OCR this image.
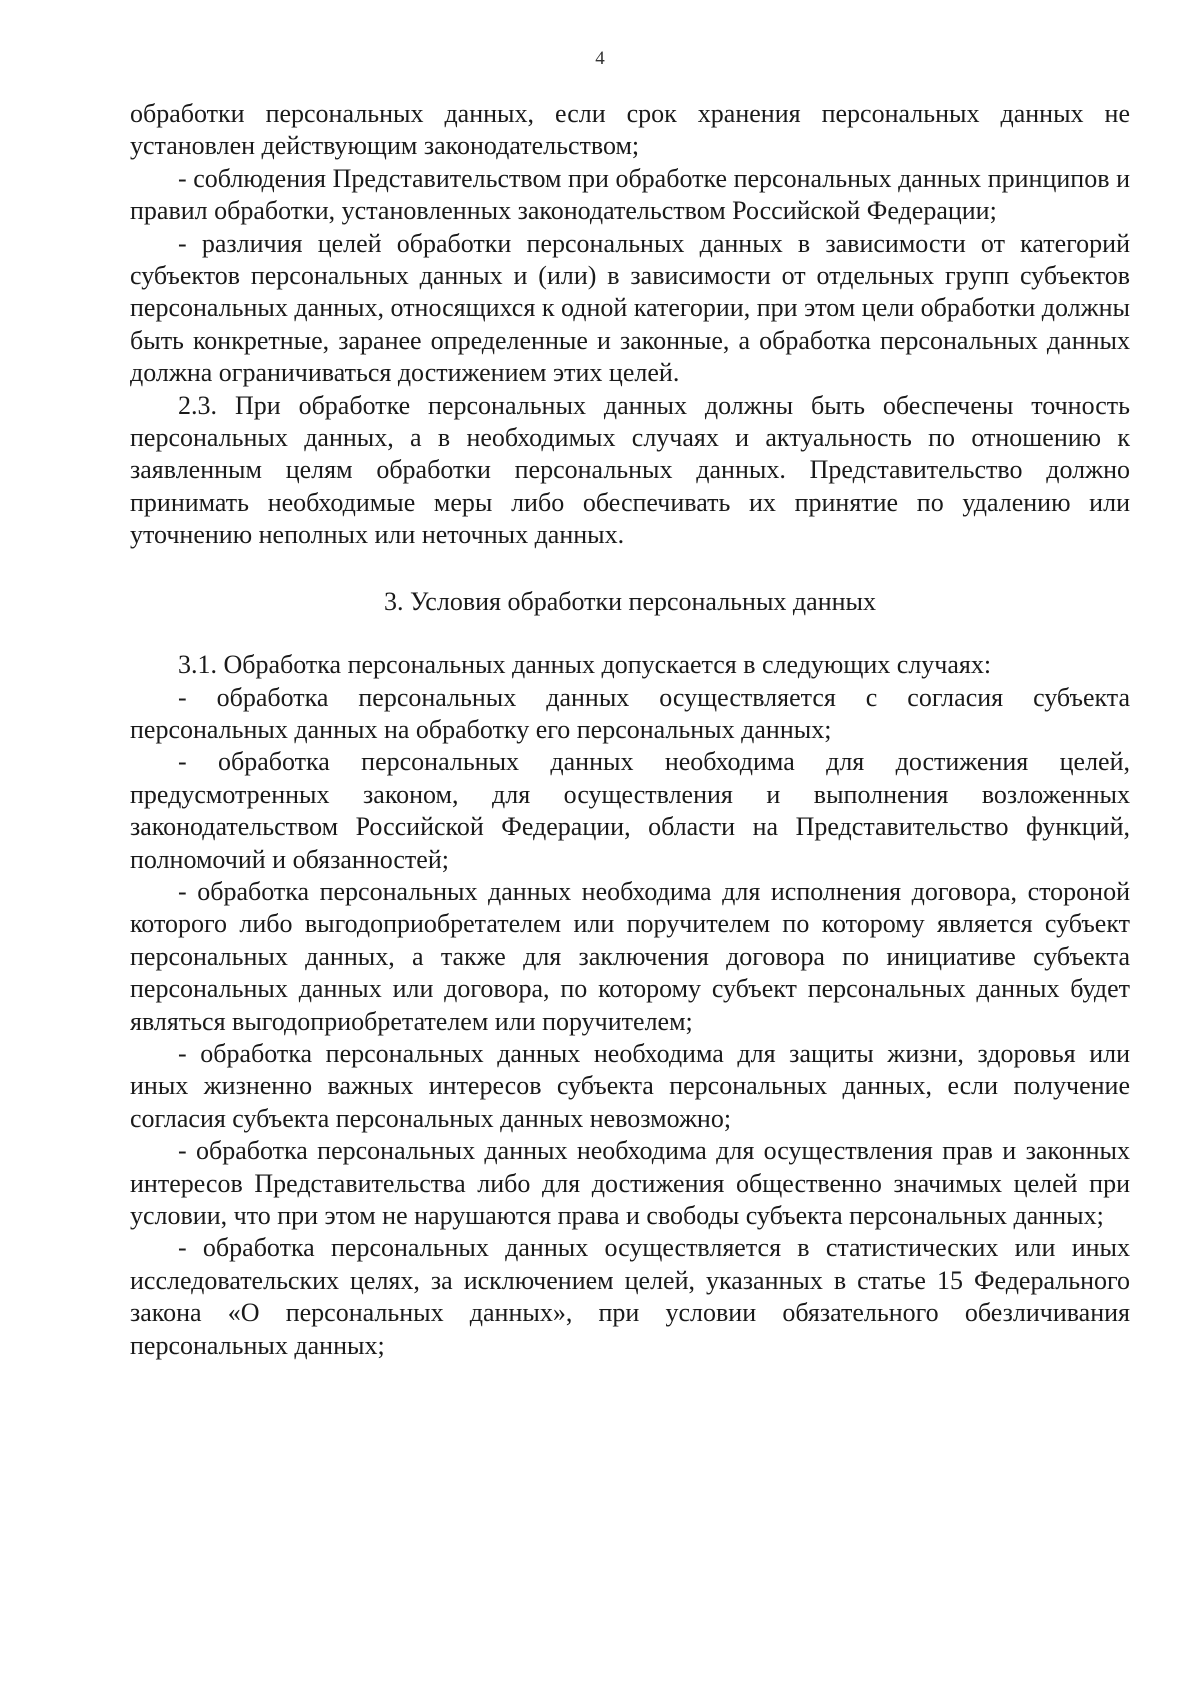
4

обработки персональных данных, если срок хранения персональных данных не установлен действующим законодательством;

- соблюдения Представительством при обработке персональных данных принципов и правил обработки, установленных законодательством Российской Федерации;

- различия целей обработки персональных данных в зависимости от категорий субъектов персональных данных и (или) в зависимости от отдельных групп субъектов персональных данных, относящихся к одной категории, при этом цели обработки должны быть конкретные, заранее определенные и законные, а обработка персональных данных должна ограничиваться достижением этих целей.

2.3. При обработке персональных данных должны быть обеспечены точность персональных данных, а в необходимых случаях и актуальность по отношению к заявленным целям обработки персональных данных. Представительство должно принимать необходимые меры либо обеспечивать их принятие по удалению или уточнению неполных или неточных данных.

3. Условия обработки персональных данных

3.1. Обработка персональных данных допускается в следующих случаях:

- обработка персональных данных осуществляется с согласия субъекта персональных данных на обработку его персональных данных;

- обработка персональных данных необходима для достижения целей, предусмотренных законом, для осуществления и выполнения возложенных законодательством Российской Федерации, области на Представительство функций, полномочий и обязанностей;

- обработка персональных данных необходима для исполнения договора, стороной которого либо выгодоприобретателем или поручителем по которому является субъект персональных данных, а также для заключения договора по инициативе субъекта персональных данных или договора, по которому субъект персональных данных будет являться выгодоприобретателем или поручителем;

- обработка персональных данных необходима для защиты жизни, здоровья или иных жизненно важных интересов субъекта персональных данных, если получение согласия субъекта персональных данных невозможно;

- обработка персональных данных необходима для осуществления прав и законных интересов Представительства либо для достижения общественно значимых целей при условии, что при этом не нарушаются права и свободы субъекта персональных данных;

- обработка персональных данных осуществляется в статистических или иных исследовательских целях, за исключением целей, указанных в статье 15 Федерального закона «О персональных данных», при условии обязательного обезличивания персональных данных;
